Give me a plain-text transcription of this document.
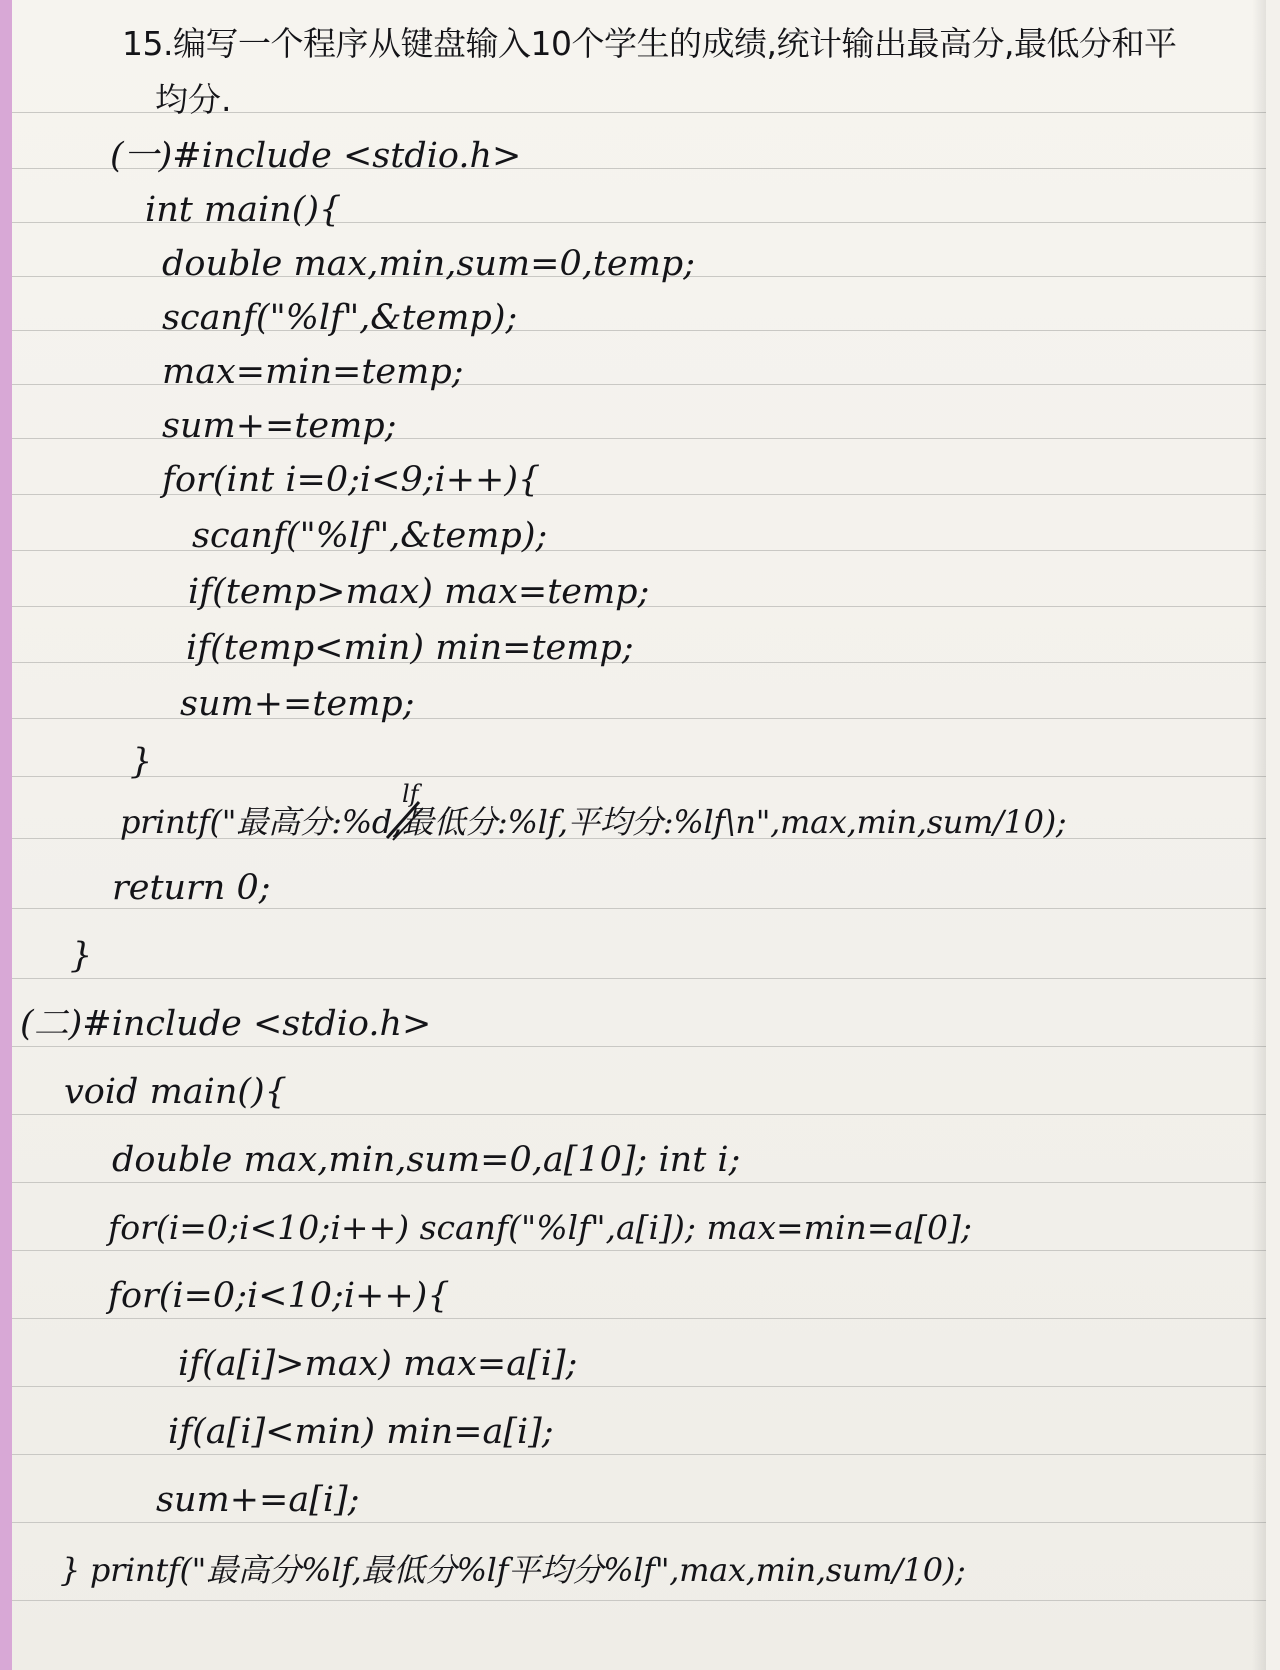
15.编写一个程序从键盘输入10个学生的成绩,统计输出最高分,最低分和平
均分.
(一)#include <stdio.h>
int main(){
double max,min,sum=0,temp;
scanf("%lf",&temp);
max=min=temp;
sum+=temp;
for(int i=0;i<9;i++){
scanf("%lf",&temp);
if(temp>max) max=temp;
if(temp<min) min=temp;
sum+=temp;
}
printf("最高分:%d,最低分:%lf,平均分:%lf\n",max,min,sum/10);
lf
return 0;
}
(二)#include <stdio.h>
void main(){
double max,min,sum=0,a[10]; int i;
for(i=0;i<10;i++) scanf("%lf",a[i]); max=min=a[0];
for(i=0;i<10;i++){
if(a[i]>max) max=a[i];
if(a[i]<min) min=a[i];
sum+=a[i];
} printf("最高分%lf,最低分%lf平均分%lf",max,min,sum/10);
